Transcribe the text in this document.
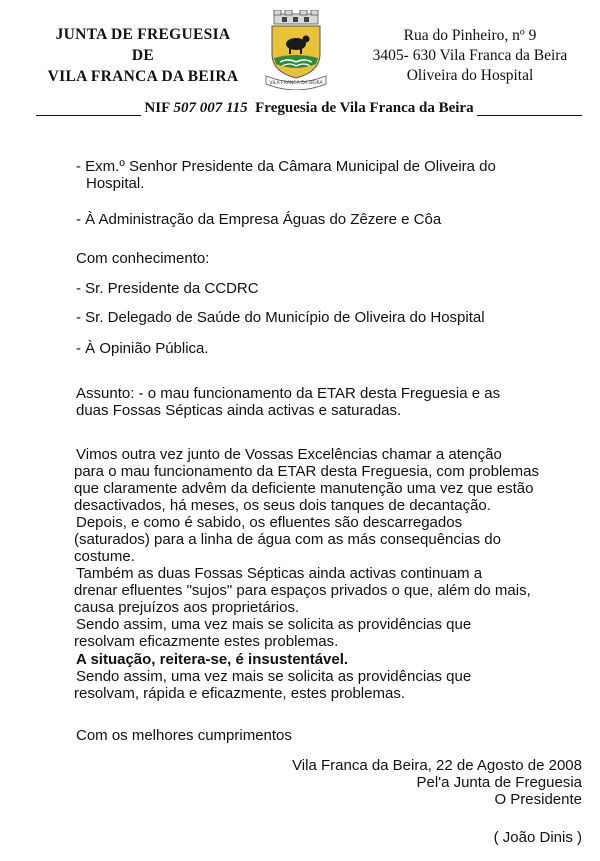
JUNTA DE FREGUESIA
DE
VILA FRANCA DA BEIRA	VILA FRANCA DA BEIRA
Rua do Pinheiro, nº 9
3405- 630 Vila Franca da Beira
Oliveira do Hospital
NIF 507 007 115 Freguesia de Vila Franca da Beira
- Exm.º Senhor Presidente da Câmara Municipal de Oliveira do
Hospital.
- À Administração da Empresa Águas do Zêzere e Côa
Com conhecimento:
- Sr. Presidente da CCDRC
- Sr. Delegado de Saúde do Município de Oliveira do Hospital
- À Opinião Pública.
Assunto: - o mau funcionamento da ETAR desta Freguesia e as
duas Fossas Sépticas ainda activas e saturadas.
Vimos outra vez junto de Vossas Excelências chamar a atenção
para o mau funcionamento da ETAR desta Freguesia, com problemas
que claramente advêm da deficiente manutenção uma vez que estão
desactivados, há meses, os seus dois tanques de decantação.
Depois, e como é sabido, os efluentes são descarregados
(saturados) para a linha de água com as más consequências do
costume.
Também as duas Fossas Sépticas ainda activas continuam a
drenar efluentes "sujos" para espaços privados o que, além do mais,
causa prejuízos aos proprietários.
Sendo assim, uma vez mais se solicita as providências que
resolvam eficazmente estes problemas.
A situação, reitera-se, é insustentável.
Sendo assim, uma vez mais se solicita as providências que
resolvam, rápida e eficazmente, estes problemas.
Com os melhores cumprimentos
Vila Franca da Beira, 22 de Agosto de 2008
Pel'a Junta de Freguesia
O Presidente
( João Dinis )
